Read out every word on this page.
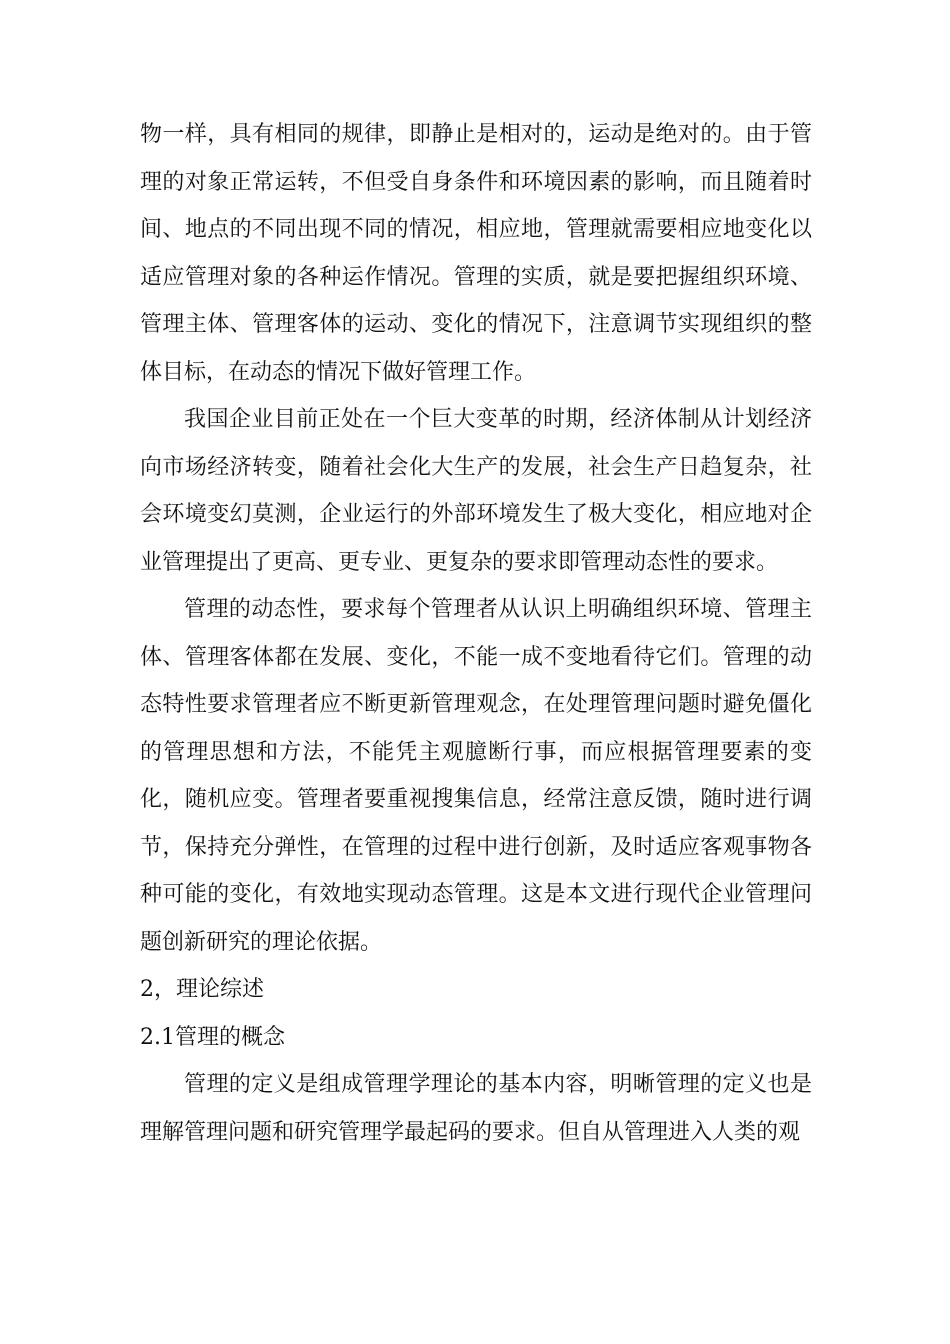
物一样，具有相同的规律，即静止是相对的，运动是绝对的。由于管理的对象正常运转，不但受自身条件和环境因素的影响，而且随着时间、地点的不同出现不同的情况，相应地，管理就需要相应地变化以适应管理对象的各种运作情况。管理的实质，就是要把握组织环境、管理主体、管理客体的运动、变化的情况下，注意调节实现组织的整体目标，在动态的情况下做好管理工作。

我国企业目前正处在一个巨大变革的时期，经济体制从计划经济向市场经济转变，随着社会化大生产的发展，社会生产日趋复杂，社会环境变幻莫测，企业运行的外部环境发生了极大变化，相应地对企业管理提出了更高、更专业、更复杂的要求即管理动态性的要求。

管理的动态性，要求每个管理者从认识上明确组织环境、管理主体、管理客体都在发展、变化，不能一成不变地看待它们。管理的动态特性要求管理者应不断更新管理观念，在处理管理问题时避免僵化的管理思想和方法，不能凭主观臆断行事，而应根据管理要素的变化，随机应变。管理者要重视搜集信息，经常注意反馈，随时进行调节，保持充分弹性，在管理的过程中进行创新，及时适应客观事物各种可能的变化，有效地实现动态管理。这是本文进行现代企业管理问题创新研究的理论依据。

2，理论综述

2.1管理的概念

管理的定义是组成管理学理论的基本内容，明晰管理的定义也是理解管理问题和研究管理学最起码的要求。但自从管理进入人类的观
